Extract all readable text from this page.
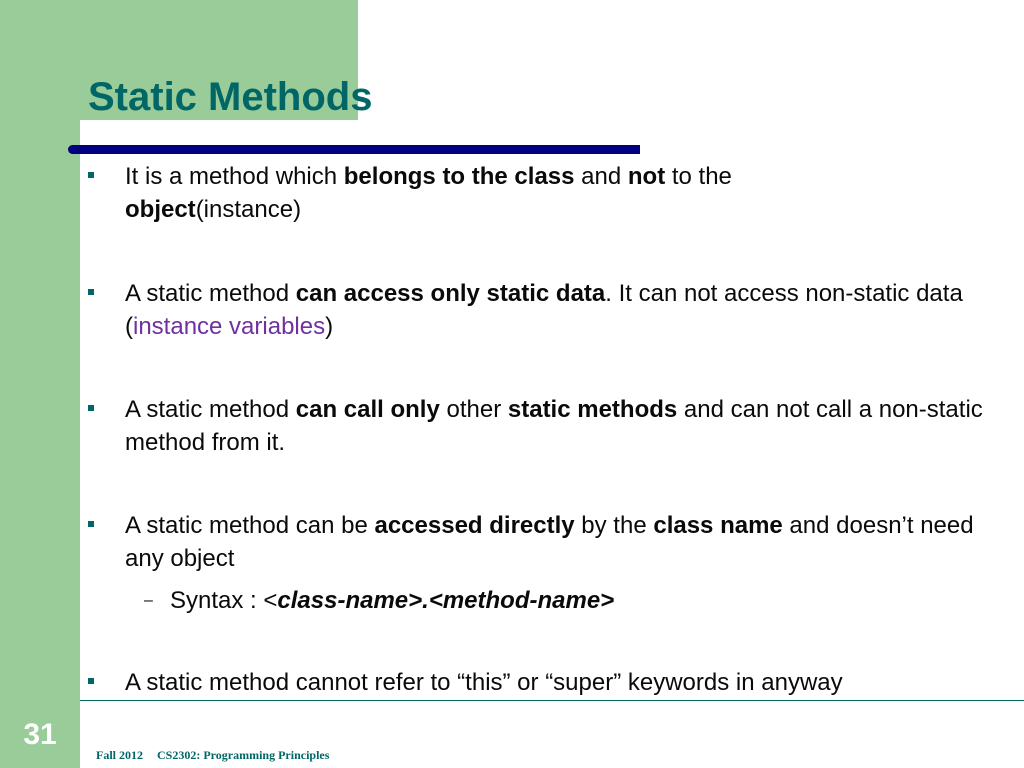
Static Methods
It is a method which belongs to the class and not to the
object(instance)
A static method can access only static data. It can not access non-static data (instance variables)
A static method can call only other static methods and can not call a non-static method from it.
A static method can be accessed directly by the class name and doesn’t need any object
– Syntax : <class-name>.<method-name>
A static method cannot refer to “this” or “super” keywords in anyway
31
Fall 2012 CS2302: Programming Principles
